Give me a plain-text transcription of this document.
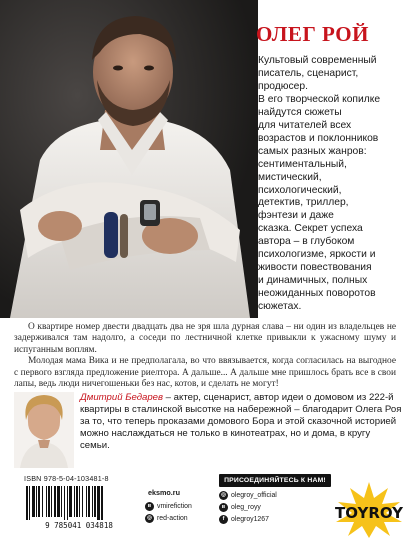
ОЛЕГ РОЙ

Культовый современный
писатель, сценарист,
продюсер.
В его творческой копилке
найдутся сюжеты
для читателей всех
возрастов и поклонников
самых разных жанров:
сентиментальный,
мистический,
психологический,
детектив, триллер,
фэнтези и даже
сказка. Секрет успеха
автора – в глубоком
психологизме, яркости и
живости повествования
и динамичных, полных
неожиданных поворотов
сюжетах.

О квартире номер двести двадцать два не зря шла дурная слава – ни один из владельцев не задерживался там надолго, а соседи по лестничной клетке привыкли к ужасному шуму и испуганным воплям.

Молодая мама Вика и не предполагала, во что ввязывается, когда согласилась на выгодное с первого взгляда предложение риелтора. А дальше... А дальше мне пришлось брать все в свои лапы, ведь люди ничегошеньки без нас, котов, и сделать не могут!

Дмитрий Бедарев – актер, сценарист, автор идеи о домовом из 222-й квартиры в сталинской высотке на набережной – благодарит Олега Роя за то, что теперь проказами домового Бора и этой сказочной историей можно наслаждаться не только в кинотеатрах, но и дома, в кругу семьи.

ISBN 978-5-04-103481-8
9 785041 034818
eksmo.ru
в vmirefiction
◎ red-action
ПРИСОЕДИНЯЙТЕСЬ К НАМ!
◎ olegroy_official
в oleg_royy
f olegroy1267	TOYROY
